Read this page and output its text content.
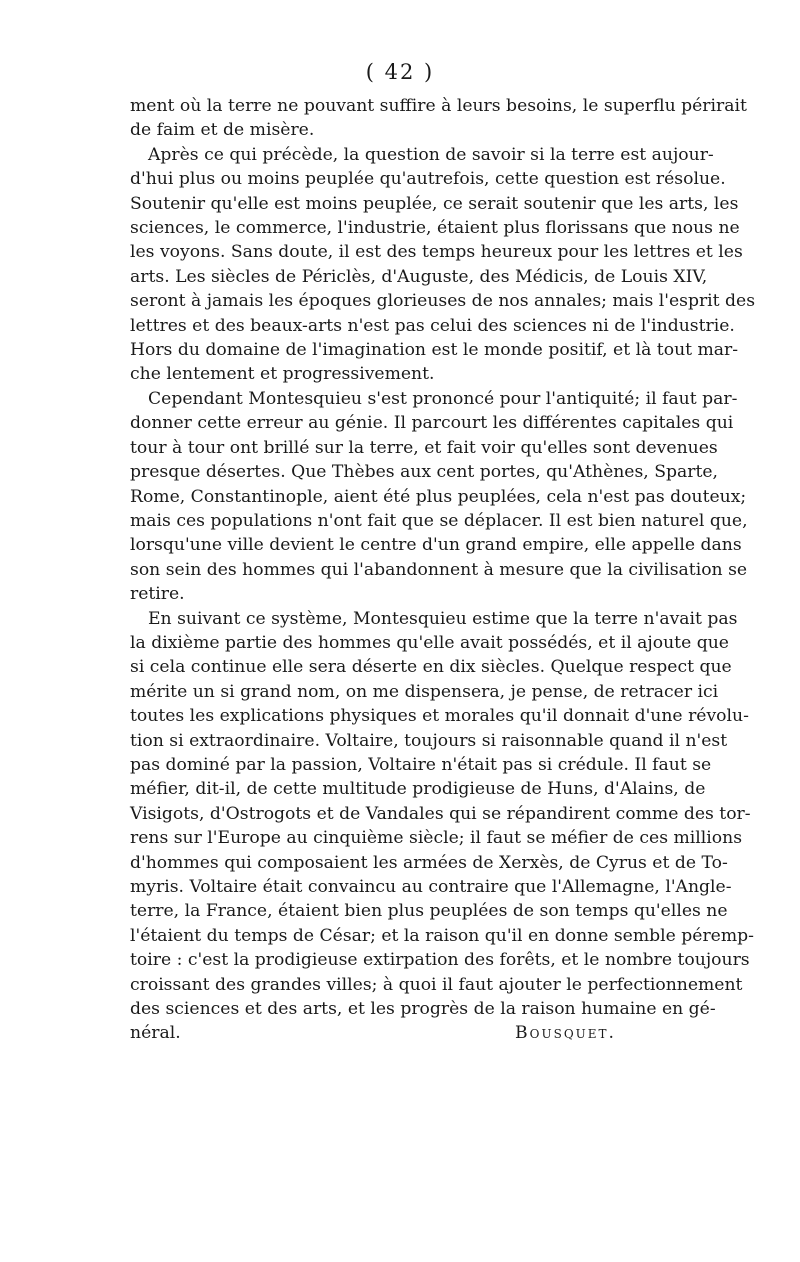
( 42 )

ment où la terre ne pouvant suffire à leurs besoins, le superflu périrait
de faim et de misère.

Après ce qui précède, la question de savoir si la terre est aujour-
d'hui plus ou moins peuplée qu'autrefois, cette question est résolue.
Soutenir qu'elle est moins peuplée, ce serait soutenir que les arts, les
sciences, le commerce, l'industrie, étaient plus florissans que nous ne
les voyons. Sans doute, il est des temps heureux pour les lettres et les
arts. Les siècles de Périclès, d'Auguste, des Médicis, de Louis XIV,
seront à jamais les époques glorieuses de nos annales; mais l'esprit des
lettres et des beaux-arts n'est pas celui des sciences ni de l'industrie.
Hors du domaine de l'imagination est le monde positif, et là tout mar-
che lentement et progressivement.

Cependant Montesquieu s'est prononcé pour l'antiquité; il faut par-
donner cette erreur au génie. Il parcourt les différentes capitales qui
tour à tour ont brillé sur la terre, et fait voir qu'elles sont devenues
presque désertes. Que Thèbes aux cent portes, qu'Athènes, Sparte,
Rome, Constantinople, aient été plus peuplées, cela n'est pas douteux;
mais ces populations n'ont fait que se déplacer. Il est bien naturel que,
lorsqu'une ville devient le centre d'un grand empire, elle appelle dans
son sein des hommes qui l'abandonnent à mesure que la civilisation se
retire.

En suivant ce système, Montesquieu estime que la terre n'avait pas
la dixième partie des hommes qu'elle avait possédés, et il ajoute que
si cela continue elle sera déserte en dix siècles. Quelque respect que
mérite un si grand nom, on me dispensera, je pense, de retracer ici
toutes les explications physiques et morales qu'il donnait d'une révolu-
tion si extraordinaire. Voltaire, toujours si raisonnable quand il n'est
pas dominé par la passion, Voltaire n'était pas si crédule. Il faut se
méfier, dit-il, de cette multitude prodigieuse de Huns, d'Alains, de
Visigots, d'Ostrogots et de Vandales qui se répandirent comme des tor-
rens sur l'Europe au cinquième siècle; il faut se méfier de ces millions
d'hommes qui composaient les armées de Xerxès, de Cyrus et de To-
myris. Voltaire était convaincu au contraire que l'Allemagne, l'Angle-
terre, la France, étaient bien plus peuplées de son temps qu'elles ne
l'étaient du temps de César; et la raison qu'il en donne semble péremp-
toire : c'est la prodigieuse extirpation des forêts, et le nombre toujours
croissant des grandes villes; à quoi il faut ajouter le perfectionnement
des sciences et des arts, et les progrès de la raison humaine en gé-
néral.	Bousquet.
